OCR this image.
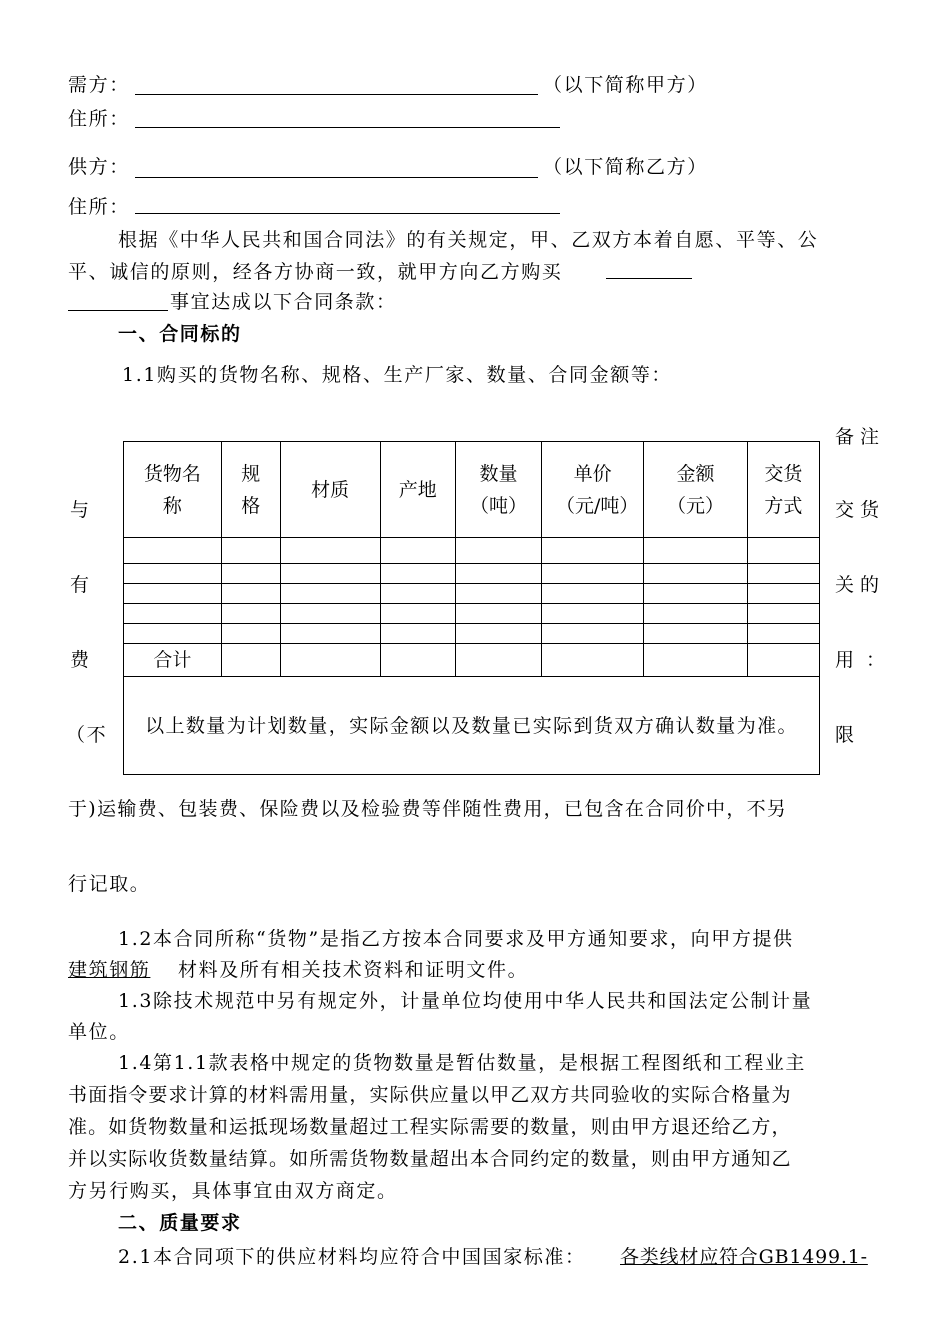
需方：	（以下简称甲方）
住所：
供方：	（以下简称乙方）
住所：
根据《中华人民共和国合同法》的有关规定，甲、乙双方本着自愿、平等、公
平、诚信的原则，经各方协商一致，就甲方向乙方购买
事宜达成以下合同条款：
一、合同标的
1.1购买的货物名称、规格、生产厂家、数量、合同金额等：
货物名称	规格	材质	产地	数量（吨）	单价（元/吨）	金额（元）	交货方式

合计							
以上数量为计划数量，实际金额以及数量已实际到货双方确认数量为准。							
与
有
费
（不
备注
交货
关的
用：
限
于)运输费、包装费、保险费以及检验费等伴随性费用，已包含在合同价中，不另
行记取。
1.2本合同所称“货物”是指乙方按本合同要求及甲方通知要求，向甲方提供
建筑钢筋 材料及所有相关技术资料和证明文件。
1.3除技术规范中另有规定外，计量单位均使用中华人民共和国法定公制计量
单位。
1.4第1.1款表格中规定的货物数量是暂估数量，是根据工程图纸和工程业主
书面指令要求计算的材料需用量，实际供应量以甲乙双方共同验收的实际合格量为
准。如货物数量和运抵现场数量超过工程实际需要的数量，则由甲方退还给乙方，
并以实际收货数量结算。如所需货物数量超出本合同约定的数量，则由甲方通知乙
方另行购买，具体事宜由双方商定。
二、质量要求
2.1本合同项下的供应材料均应符合中国国家标准： 各类线材应符合GB1499.1-
